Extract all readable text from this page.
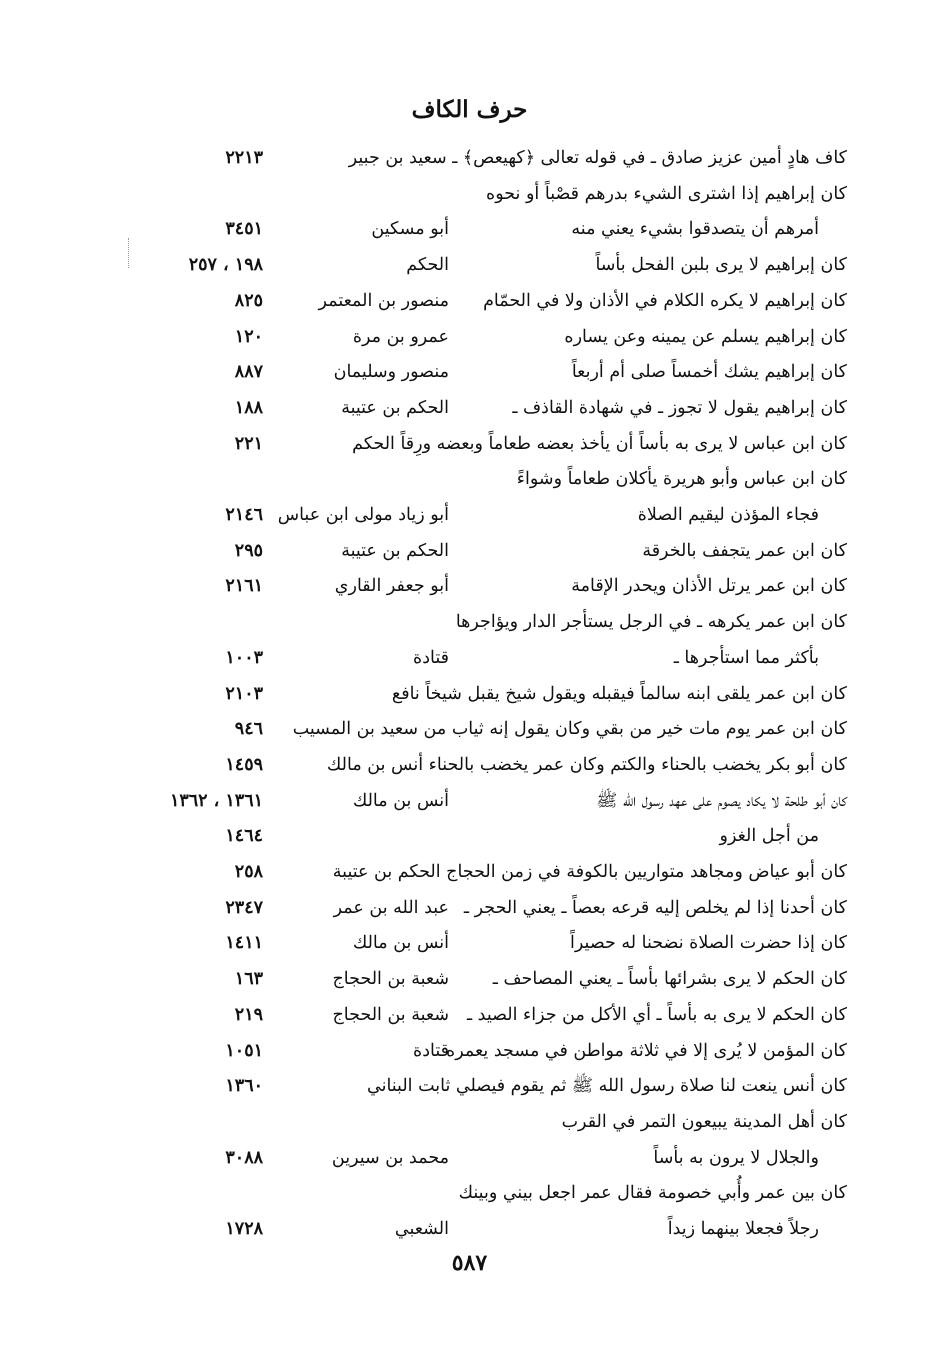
حرف الكاف
كاف هادٍ أمين عزيز صادق ـ في قوله تعالى ﴿كهيعص﴾ ـ سعيد بن جبير
٢٢١٣
كان إبراهيم إذا اشترى الشيء بدرهم قصْباً أو نحوه
أمرهم أن يتصدقوا بشيء يعني منه
أبو مسكين
٣٤٥١
كان إبراهيم لا يرى بلبن الفحل بأساً
الحكم
١٩٨ ، ٢٥٧
كان إبراهيم لا يكره الكلام في الأذان ولا في الحمّام
منصور بن المعتمر
٨٢٥
كان إبراهيم يسلم عن يمينه وعن يساره
عمرو بن مرة
١٢٠
كان إبراهيم يشك أخمساً صلى أم أربعاً
منصور وسليمان
٨٨٧
كان إبراهيم يقول لا تجوز ـ في شهادة القاذف ـ
الحكم بن عتيبة
١٨٨
كان ابن عباس لا يرى به بأساً أن يأخذ بعضه طعاماً وبعضه ورِقاً الحكم
٢٢١
كان ابن عباس وأبو هريرة يأكلان طعاماً وشواءً
فجاء المؤذن ليقيم الصلاة
أبو زياد مولى ابن عباس
٢١٤٦
كان ابن عمر يتجفف بالخرقة
الحكم بن عتيبة
٢٩٥
كان ابن عمر يرتل الأذان ويحدر الإقامة
أبو جعفر القاري
٢١٦١
كان ابن عمر يكرهه ـ في الرجل يستأجر الدار ويؤاجرها
بأكثر مما استأجرها ـ
قتادة
١٠٠٣
كان ابن عمر يلقى ابنه سالماً فيقبله ويقول شيخ يقبل شيخاً نافع
٢١٠٣
كان ابن عمر يوم مات خير من بقي وكان يقول إنه ثياب من سعيد بن المسيب
٩٤٦
كان أبو بكر يخضب بالحناء والكتم وكان عمر يخضب بالحناء أنس بن مالك
١٤٥٩
كان أبو طلحة لا يكاد يصوم على عهد رسول الله ﷺ
أنس بن مالك
١٣٦١ ، ١٣٦٢
من أجل الغزو
١٤٦٤
كان أبو عياض ومجاهد متواريين بالكوفة في زمن الحجاج الحكم بن عتيبة
٢٥٨
كان أحدنا إذا لم يخلص إليه قرعه بعصاً ـ يعني الحجر ـ
عبد الله بن عمر
٢٣٤٧
كان إذا حضرت الصلاة نضحنا له حصيراً
أنس بن مالك
١٤١١
كان الحكم لا يرى بشرائها بأساً ـ يعني المصاحف ـ
شعبة بن الحجاج
١٦٣
كان الحكم لا يرى به بأساً ـ أي الأكل من جزاء الصيد ـ
شعبة بن الحجاج
٢١٩
كان المؤمن لا يُرى إلا في ثلاثة مواطن في مسجد يعمره
قتادة
١٠٥١
كان أنس ينعت لنا صلاة رسول الله ﷺ ثم يقوم فيصلي ثابت البناني
١٣٦٠
كان أهل المدينة يبيعون التمر في القرب
والجلال لا يرون به بأساً
محمد بن سيرين
٣٠٨٨
كان بين عمر وأُبي خصومة فقال عمر اجعل بيني وبينك
رجلاً فجعلا بينهما زيداً
الشعبي
١٧٢٨
٥٨٧
